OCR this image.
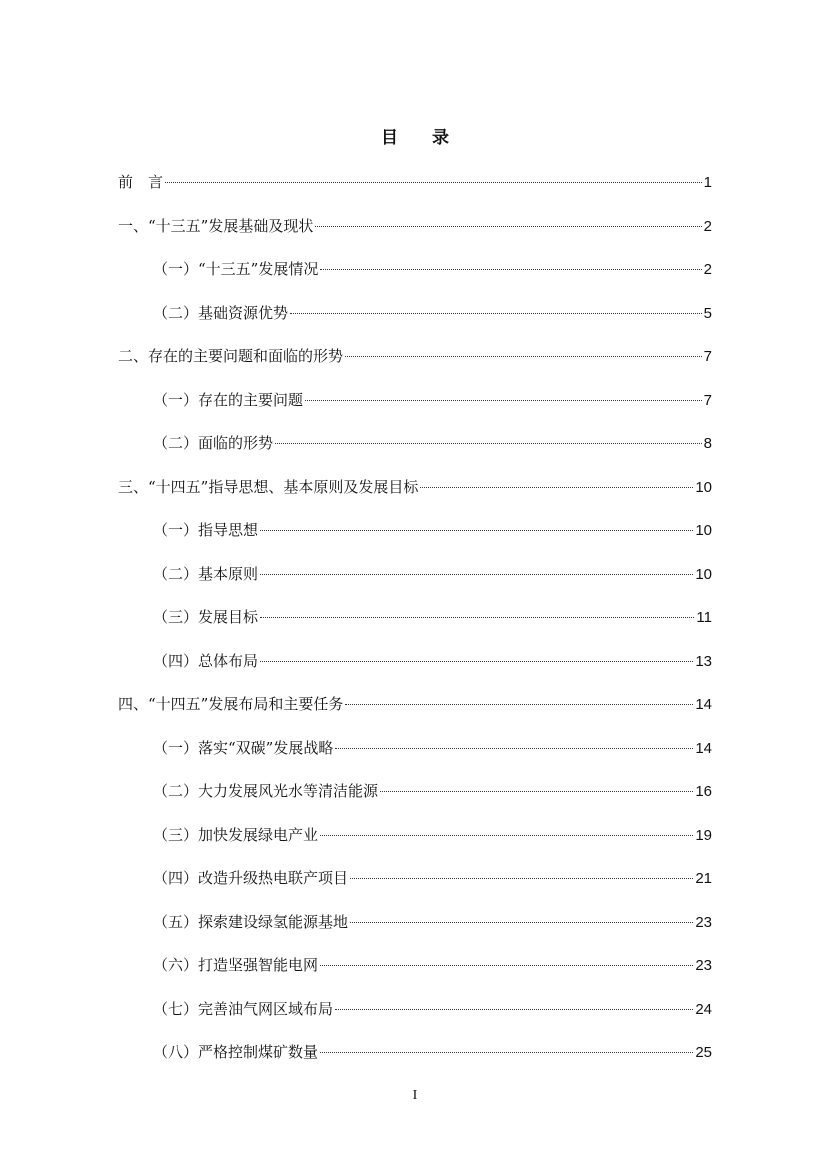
目 录
前　言	1
一、“十三五”发展基础及现状	2
（一）“十三五”发展情况	2
（二）基础资源优势	5
二、存在的主要问题和面临的形势	7
（一）存在的主要问题	7
（二）面临的形势	8
三、“十四五”指导思想、基本原则及发展目标	10
（一）指导思想	10
（二）基本原则	10
（三）发展目标	11
（四）总体布局	13
四、“十四五”发展布局和主要任务	14
（一）落实“双碳”发展战略	14
（二）大力发展风光水等清洁能源	16
（三）加快发展绿电产业	19
（四）改造升级热电联产项目	21
（五）探索建设绿氢能源基地	23
（六）打造坚强智能电网	23
（七）完善油气网区域布局	24
（八）严格控制煤矿数量	25
I
